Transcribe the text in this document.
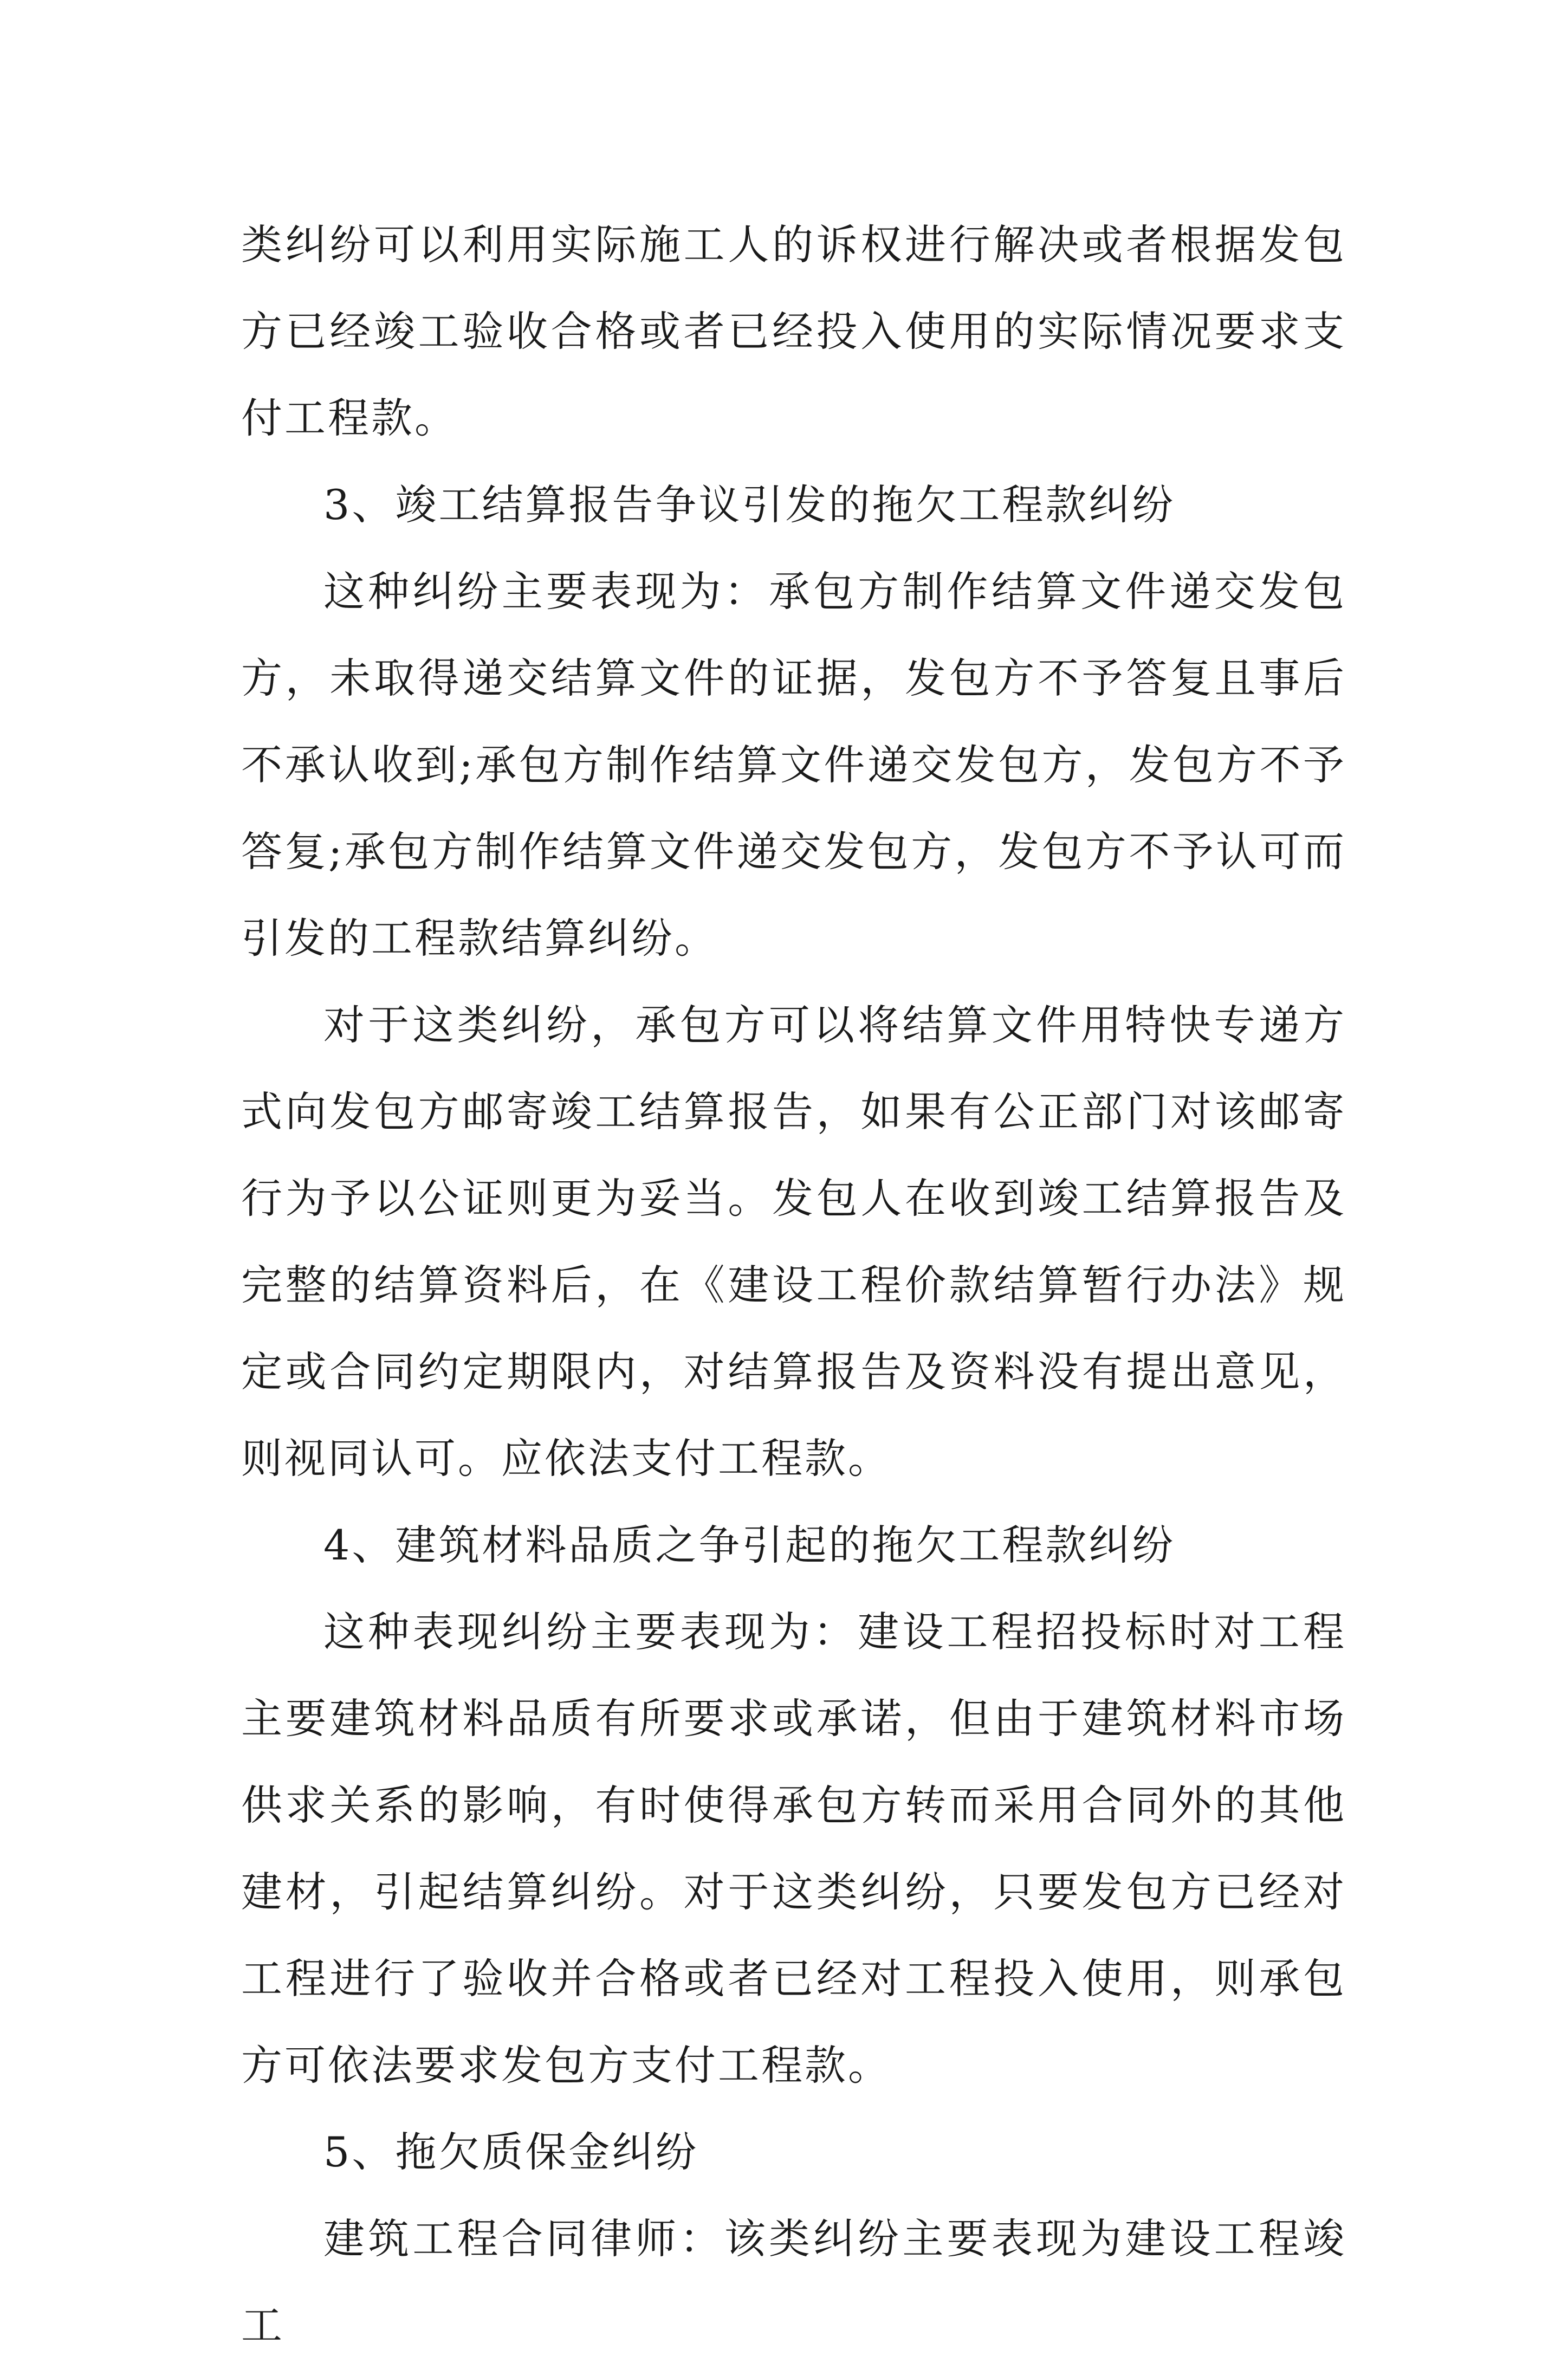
类纠纷可以利用实际施工人的诉权进行解决或者根据发包方已经竣工验收合格或者已经投入使用的实际情况要求支付工程款。

3、竣工结算报告争议引发的拖欠工程款纠纷

这种纠纷主要表现为：承包方制作结算文件递交发包方，未取得递交结算文件的证据，发包方不予答复且事后不承认收到;承包方制作结算文件递交发包方，发包方不予答复;承包方制作结算文件递交发包方，发包方不予认可而引发的工程款结算纠纷。

对于这类纠纷，承包方可以将结算文件用特快专递方式向发包方邮寄竣工结算报告，如果有公正部门对该邮寄行为予以公证则更为妥当。发包人在收到竣工结算报告及完整的结算资料后，在《建设工程价款结算暂行办法》规定或合同约定期限内，对结算报告及资料没有提出意见，则视同认可。应依法支付工程款。

4、建筑材料品质之争引起的拖欠工程款纠纷

这种表现纠纷主要表现为：建设工程招投标时对工程主要建筑材料品质有所要求或承诺，但由于建筑材料市场供求关系的影响，有时使得承包方转而采用合同外的其他建材，引起结算纠纷。对于这类纠纷，只要发包方已经对工程进行了验收并合格或者已经对工程投入使用，则承包方可依法要求发包方支付工程款。

5、拖欠质保金纠纷

建筑工程合同律师：该类纠纷主要表现为建设工程竣工
